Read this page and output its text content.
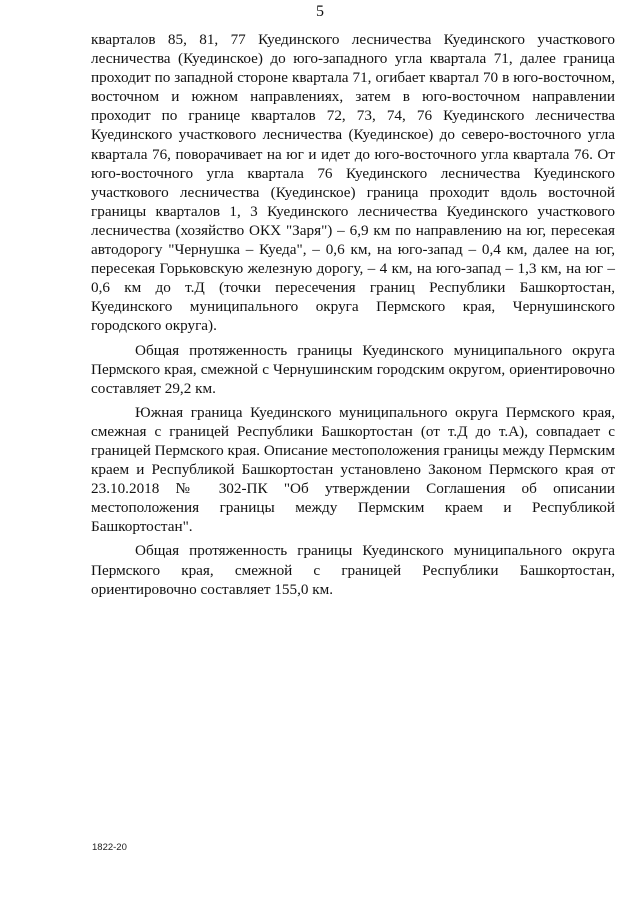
5

кварталов 85, 81, 77 Куединского лесничества Куединского участкового лесничества (Куединское) до юго-западного угла квартала 71, далее граница проходит по западной стороне квартала 71, огибает квартал 70 в юго-восточном, восточном и южном направлениях, затем в юго-восточном направлении проходит по границе кварталов 72, 73, 74, 76 Куединского лесничества Куединского участкового лесничества (Куединское) до северо-восточного угла квартала 76, поворачивает на юг и идет до юго-восточного угла квартала 76. От юго-восточного угла квартала 76 Куединского лесничества Куединского участкового лесничества (Куединское) граница проходит вдоль восточной границы кварталов 1, 3 Куединского лесничества Куединского участкового лесничества (хозяйство ОКХ "Заря") – 6,9 км по направлению на юг, пересекая автодорогу "Чернушка – Куеда", – 0,6 км, на юго-запад – 0,4 км, далее на юг, пересекая Горьковскую железную дорогу, – 4 км, на юго-запад – 1,3 км, на юг – 0,6 км до т.Д (точки пересечения границ Республики Башкортостан, Куединского муниципального округа Пермского края, Чернушинского городского округа).

Общая протяженность границы Куединского муниципального округа Пермского края, смежной с Чернушинским городским округом, ориентировочно составляет 29,2 км.

Южная граница Куединского муниципального округа Пермского края, смежная с границей Республики Башкортостан (от т.Д до т.А), совпадает с границей Пермского края. Описание местоположения границы между Пермским краем и Республикой Башкортостан установлено Законом Пермского края от 23.10.2018 № 302-ПК "Об утверждении Соглашения об описании местоположения границы между Пермским краем и Республикой Башкортостан".

Общая протяженность границы Куединского муниципального округа Пермского края, смежной с границей Республики Башкортостан, ориентировочно составляет 155,0 км.

1822-20
